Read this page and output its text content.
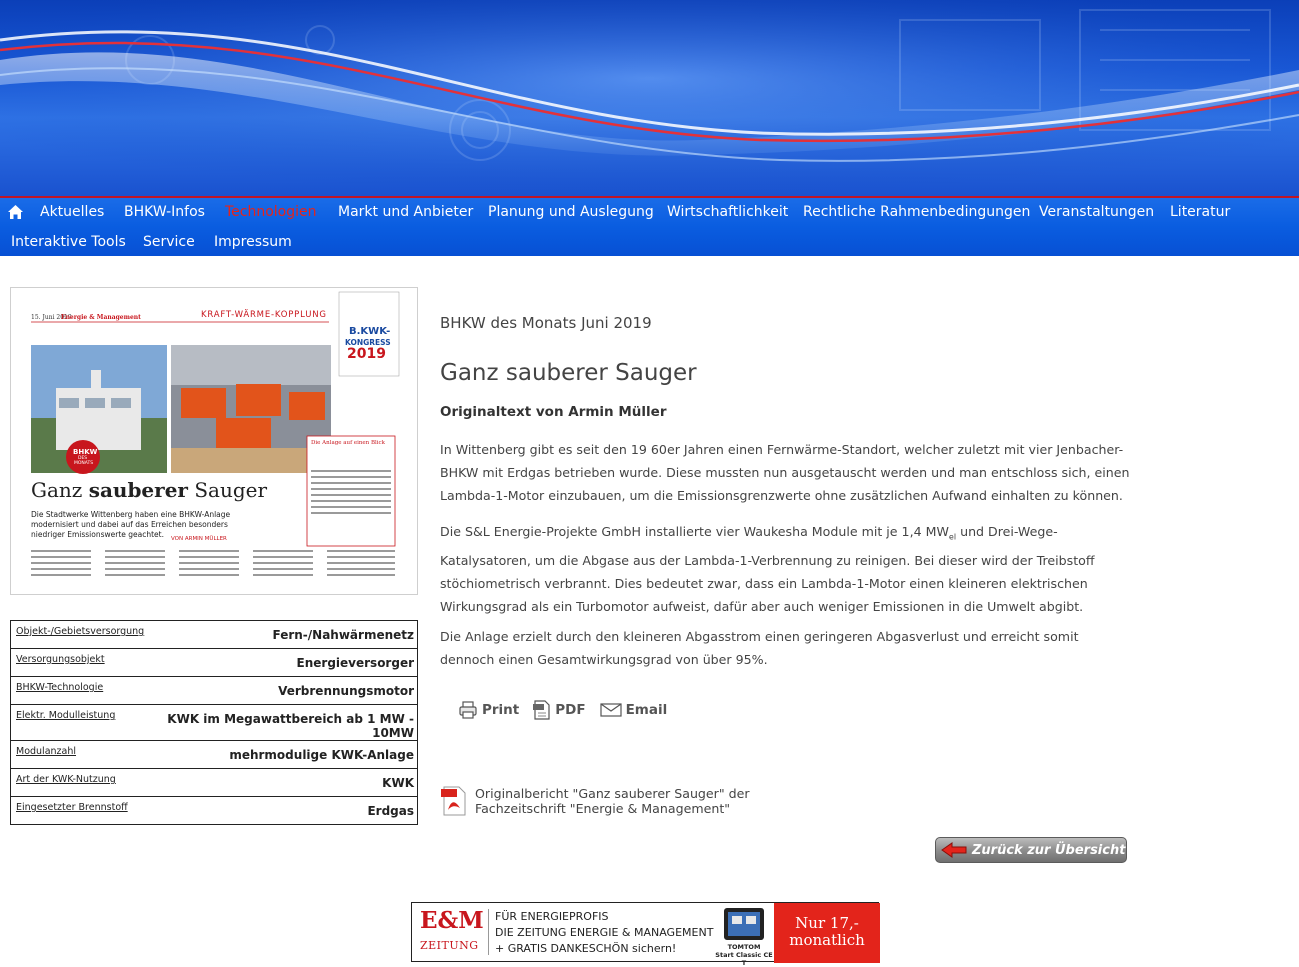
Aktuelles BHKW-Infos Technologien Markt und Anbieter Planung und Auslegung Wirtschaftlichkeit Rechtliche Rahmenbedingungen Veranstaltungen Literatur
Interaktive Tools Service Impressum
15. Juni 2019
Energie & Management	KRAFT-WÄRME-KOPPLUNG
B.KWK-
KONGRESS
2019
BHKW
DES
MONATS
Die Anlage auf einen Blick
Ganz sauberer Sauger
Die Stadtwerke Wittenberg haben eine BHKW-Anlage modernisiert und dabei auf das Erreichen besonders niedriger Emissionswerte geachtet.	VON ARMIN MÜLLER
Objekt-/Gebietsversorgung	Fern-/Nahwärmenetz
Versorgungsobjekt	Energieversorger
BHKW-Technologie	Verbrennungsmotor
Elektr. Modulleistung	KWK im Megawattbereich ab 1 MW - 10MW
Modulanzahl	mehrmodulige KWK-Anlage
Art der KWK-Nutzung	KWK
Eingesetzter Brennstoff	Erdgas
BHKW des Monats Juni 2019
Ganz sauberer Sauger
Originaltext von Armin Müller

In Wittenberg gibt es seit den 19 60er Jahren einen Fernwärme-Standort, welcher zuletzt mit vier Jenbacher-BHKW mit Erdgas betrieben wurde. Diese mussten nun ausgetauscht werden und man entschloss sich, einen Lambda-1-Motor einzubauen, um die Emissionsgrenzwerte ohne zusätzlichen Aufwand einhalten zu können.

Die S&L Energie-Projekte GmbH installierte vier Waukesha Module mit je 1,4 $MW_{el}$ und Drei-Wege-Katalysatoren, um die Abgase aus der Lambda-1-Verbrennung zu reinigen. Bei dieser wird der Treibstoff stöchiometrisch verbrannt. Dies bedeutet zwar, dass ein Lambda-1-Motor einen kleineren elektrischen Wirkungsgrad als ein Turbomotor aufweist, dafür aber auch weniger Emissionen in die Umwelt abgibt.

Die Anlage erzielt durch den kleineren Abgasstrom einen geringeren Abgasverlust und erreicht somit dennoch einen Gesamtwirkungsgrad von über 95%.

Print	PDF	Email
Originalbericht "Ganz sauberer Sauger" der Fachzeitschrift "Energie & Management"
Zurück zur Übersicht
E&M
ZEITUNG
FÜR ENERGIEPROFIS
DIE ZEITUNG ENERGIE & MANAGEMENT
+ GRATIS DANKESCHÖN sichern!	TOMTOM
Start Classic CE T
Nur 17,-
monatlich
